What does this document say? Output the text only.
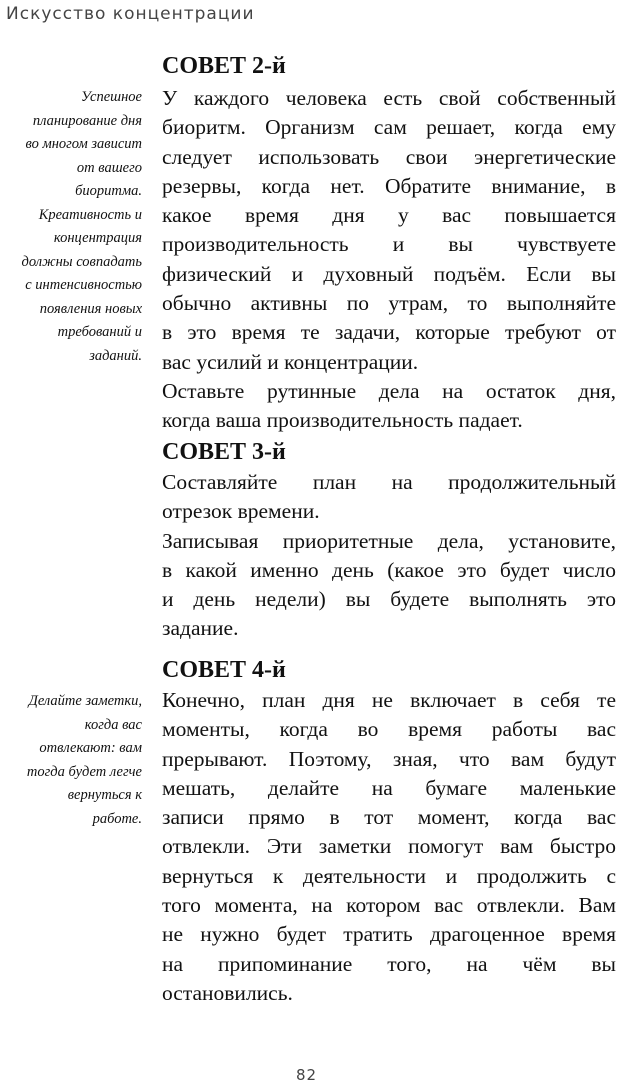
Искусство концентрации
СОВЕТ 2-й
У каждого человека есть свой собственный
биоритм. Организм сам решает, когда ему
следует использовать свои энергетические
резервы, когда нет. Обратите внимание, в
какое время дня у вас повышается
производительность и вы чувствуете
физический и духовный подъём. Если вы
обычно активны по утрам, то выполняйте
в это время те задачи, которые требуют от
вас усилий и концентрации.
Оставьте рутинные дела на остаток дня,
когда ваша производительность падает.
СОВЕТ 3-й
Составляйте план на продолжительный
отрезок времени.
Записывая приоритетные дела, установите,
в какой именно день (какое это будет число
и день недели) вы будете выполнять это
задание.
СОВЕТ 4-й
Конечно, план дня не включает в себя те
моменты, когда во время работы вас
прерывают. Поэтому, зная, что вам будут
мешать, делайте на бумаге маленькие
записи прямо в тот момент, когда вас
отвлекли. Эти заметки помогут вам быстро
вернуться к деятельности и продолжить с
того момента, на котором вас отвлекли. Вам
не нужно будет тратить драгоценное время
на припоминание того, на чём вы
остановились.
Успешное
планирование дня
во многом зависит
от вашего
биоритма.
Креативность и
концентрация
должны совпадать
с интенсивностью
появления новых
требований и
заданий.
Делайте заметки,
когда вас
отвлекают: вам
тогда будет легче
вернуться к
работе.
82
